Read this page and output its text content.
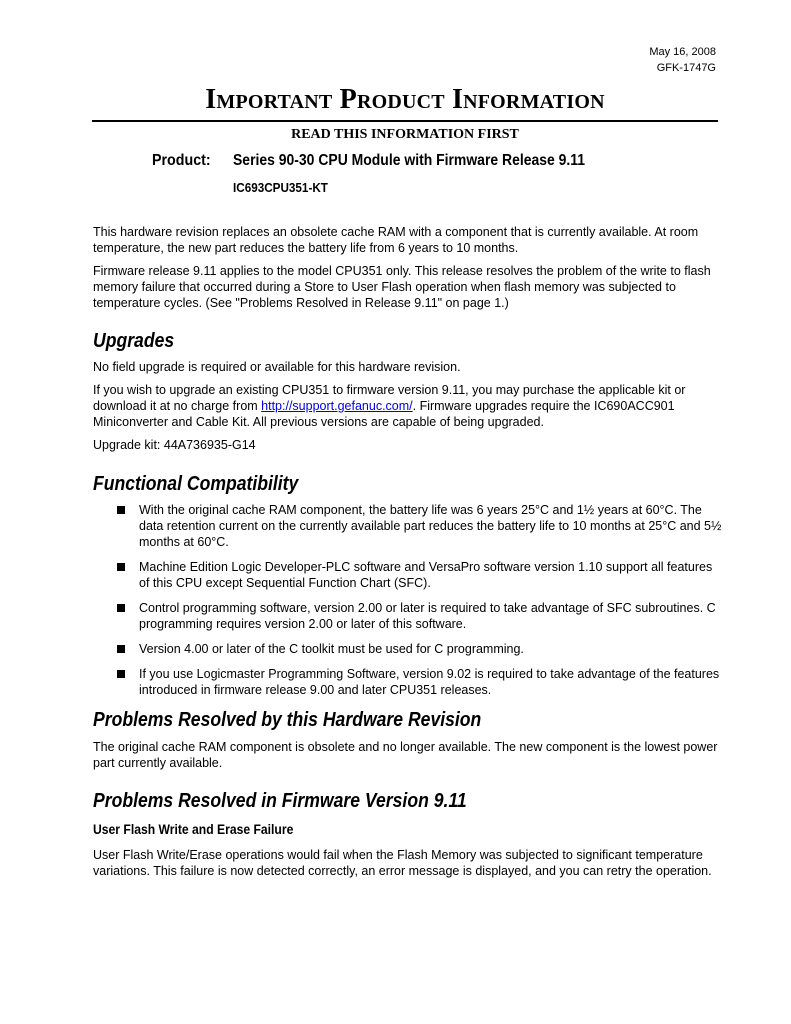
May 16, 2008
GFK-1747G
Important Product Information
READ THIS INFORMATION FIRST
Product: Series 90-30 CPU Module with Firmware Release 9.11
IC693CPU351-KT
This hardware revision replaces an obsolete cache RAM with a component that is currently available. At room temperature, the new part reduces the battery life from 6 years to 10 months.
Firmware release 9.11 applies to the model CPU351 only. This release resolves the problem of the write to flash memory failure that occurred during a Store to User Flash operation when flash memory was subjected to temperature cycles. (See "Problems Resolved in Release 9.11" on page 1.)
Upgrades
No field upgrade is required or available for this hardware revision.
If you wish to upgrade an existing CPU351 to firmware version 9.11, you may purchase the applicable kit or download it at no charge from http://support.gefanuc.com/. Firmware upgrades require the IC690ACC901 Miniconverter and Cable Kit. All previous versions are capable of being upgraded.
Upgrade kit: 44A736935-G14
Functional Compatibility
With the original cache RAM component, the battery life was 6 years 25°C and 1½ years at 60°C. The data retention current on the currently available part reduces the battery life to 10 months at 25°C and 5½ months at 60°C.
Machine Edition Logic Developer-PLC software and VersaPro software version 1.10 support all features of this CPU except Sequential Function Chart (SFC).
Control programming software, version 2.00 or later is required to take advantage of SFC subroutines. C programming requires version 2.00 or later of this software.
Version 4.00 or later of the C toolkit must be used for C programming.
If you use Logicmaster Programming Software, version 9.02 is required to take advantage of the features introduced in firmware release 9.00 and later CPU351 releases.
Problems Resolved by this Hardware Revision
The original cache RAM component is obsolete and no longer available. The new component is the lowest power part currently available.
Problems Resolved in Firmware Version 9.11
User Flash Write and Erase Failure
User Flash Write/Erase operations would fail when the Flash Memory was subjected to significant temperature variations. This failure is now detected correctly, an error message is displayed, and you can retry the operation.
